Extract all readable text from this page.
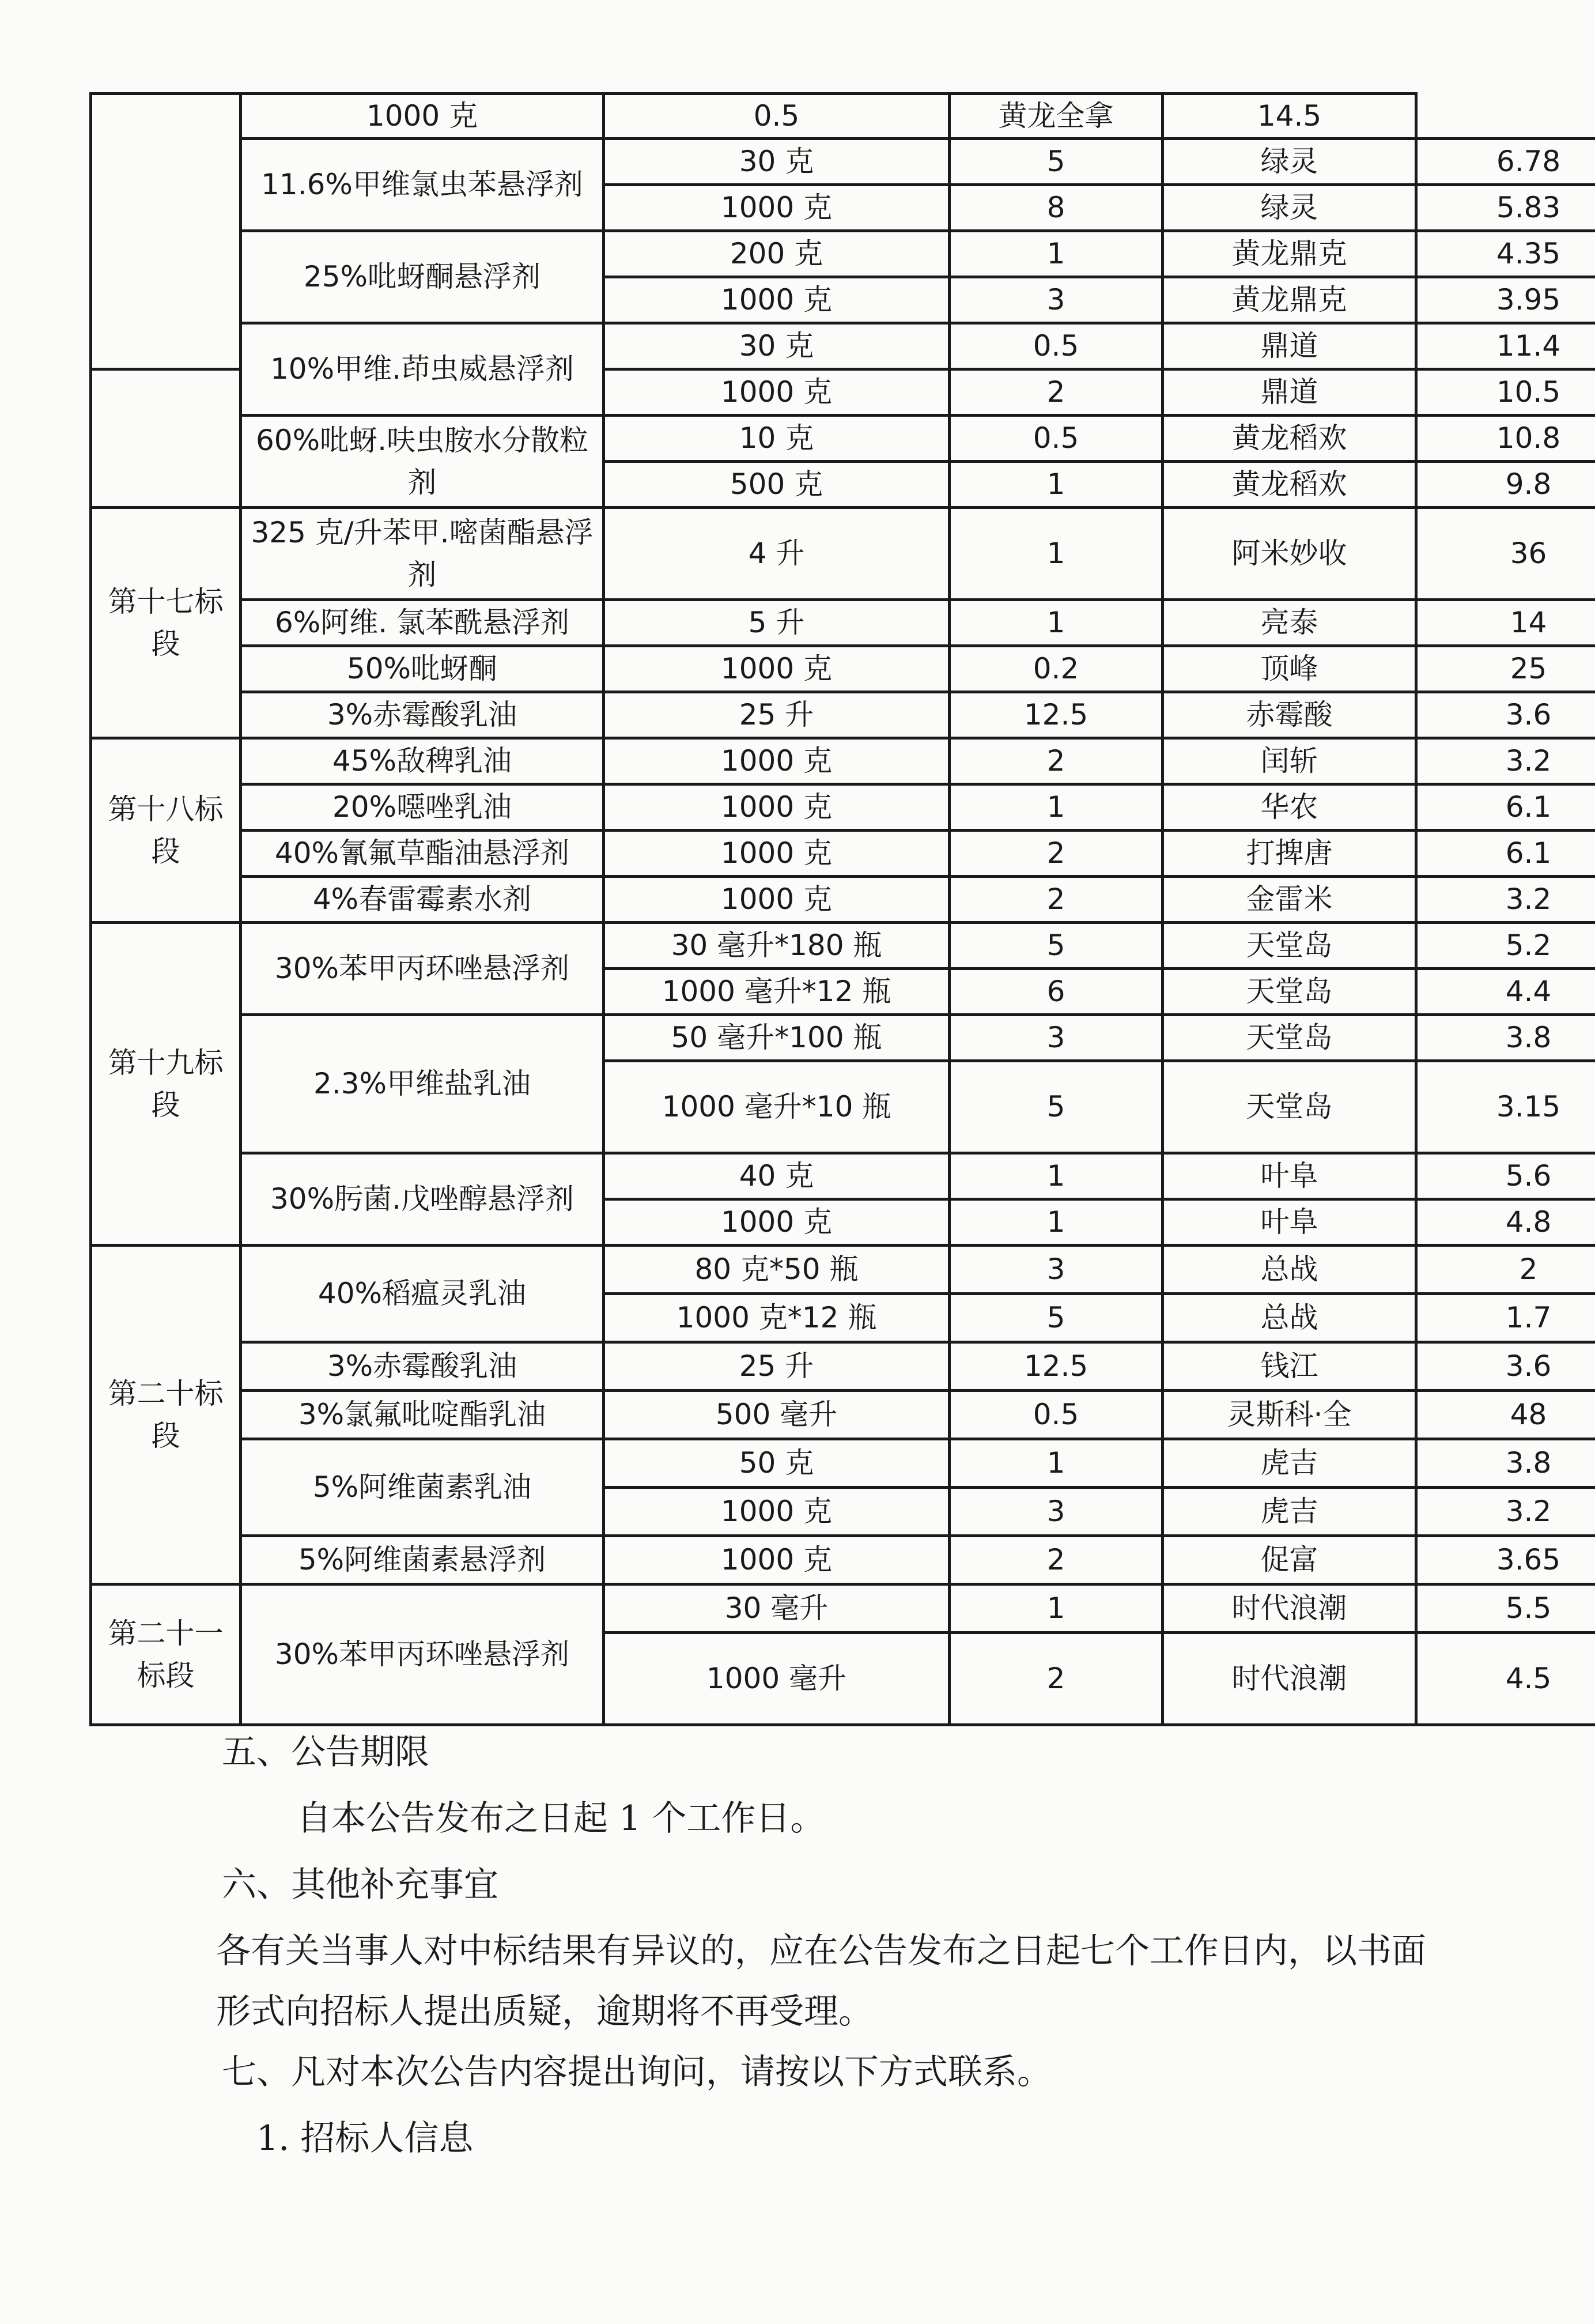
	1000 克	0.5	黄龙全拿	14.5	
	11.6%甲维氯虫苯悬浮剂	30 克	5	绿灵	6.78
		1000 克	8	绿灵	5.83
	25%吡蚜酮悬浮剂	200 克	1	黄龙鼎克	4.35
		1000 克	3	黄龙鼎克	3.95
	10%甲维.茚虫威悬浮剂	30 克	0.5	鼎道	11.4
		1000 克	2	鼎道	10.5
	60%吡蚜.呋虫胺水分散粒剂	10 克	0.5	黄龙稻欢	10.8
		500 克	1	黄龙稻欢	9.8
第十七标段	325 克/升苯甲.嘧菌酯悬浮剂	4 升	1	阿米妙收	36
	6%阿维. 氯苯酰悬浮剂	5 升	1	亮泰	14
	50%吡蚜酮	1000 克	0.2	顶峰	25
	3%赤霉酸乳油	25 升	12.5	赤霉酸	3.6
第十八标段	45%敌稗乳油	1000 克	2	闰斩	3.2
	20%噁唑乳油	1000 克	1	华农	6.1
	40%氰氟草酯油悬浮剂	1000 克	2	打捭唐	6.1
	4%春雷霉素水剂	1000 克	2	金雷米	3.2
第十九标段	30%苯甲丙环唑悬浮剂	30 毫升*180 瓶	5	天堂岛	5.2
		1000 毫升*12 瓶	6	天堂岛	4.4
	2.3%甲维盐乳油	50 毫升*100 瓶	3	天堂岛	3.8
		1000 毫升*10 瓶	5	天堂岛	3.15
	30%肟菌.戊唑醇悬浮剂	40 克	1	叶阜	5.6
		1000 克	1	叶阜	4.8
第二十标段	40%稻瘟灵乳油	80 克*50 瓶	3	总战	2
		1000 克*12 瓶	5	总战	1.7
	3%赤霉酸乳油	25 升	12.5	钱江	3.6
	3%氯氟吡啶酯乳油	500 毫升	0.5	灵斯科·全	48
	5%阿维菌素乳油	50 克	1	虎吉	3.8
		1000 克	3	虎吉	3.2
	5%阿维菌素悬浮剂	1000 克	2	促富	3.65
第二十一标段	30%苯甲丙环唑悬浮剂	30 毫升	1	时代浪潮	5.5
		1000 毫升	2	时代浪潮	4.5

五、公告期限

自本公告发布之日起 1 个工作日。

六、其他补充事宜

各有关当事人对中标结果有异议的，应在公告发布之日起七个工作日内，以书面

形式向招标人提出质疑，逾期将不再受理。

七、凡对本次公告内容提出询问，请按以下方式联系。

1. 招标人信息
